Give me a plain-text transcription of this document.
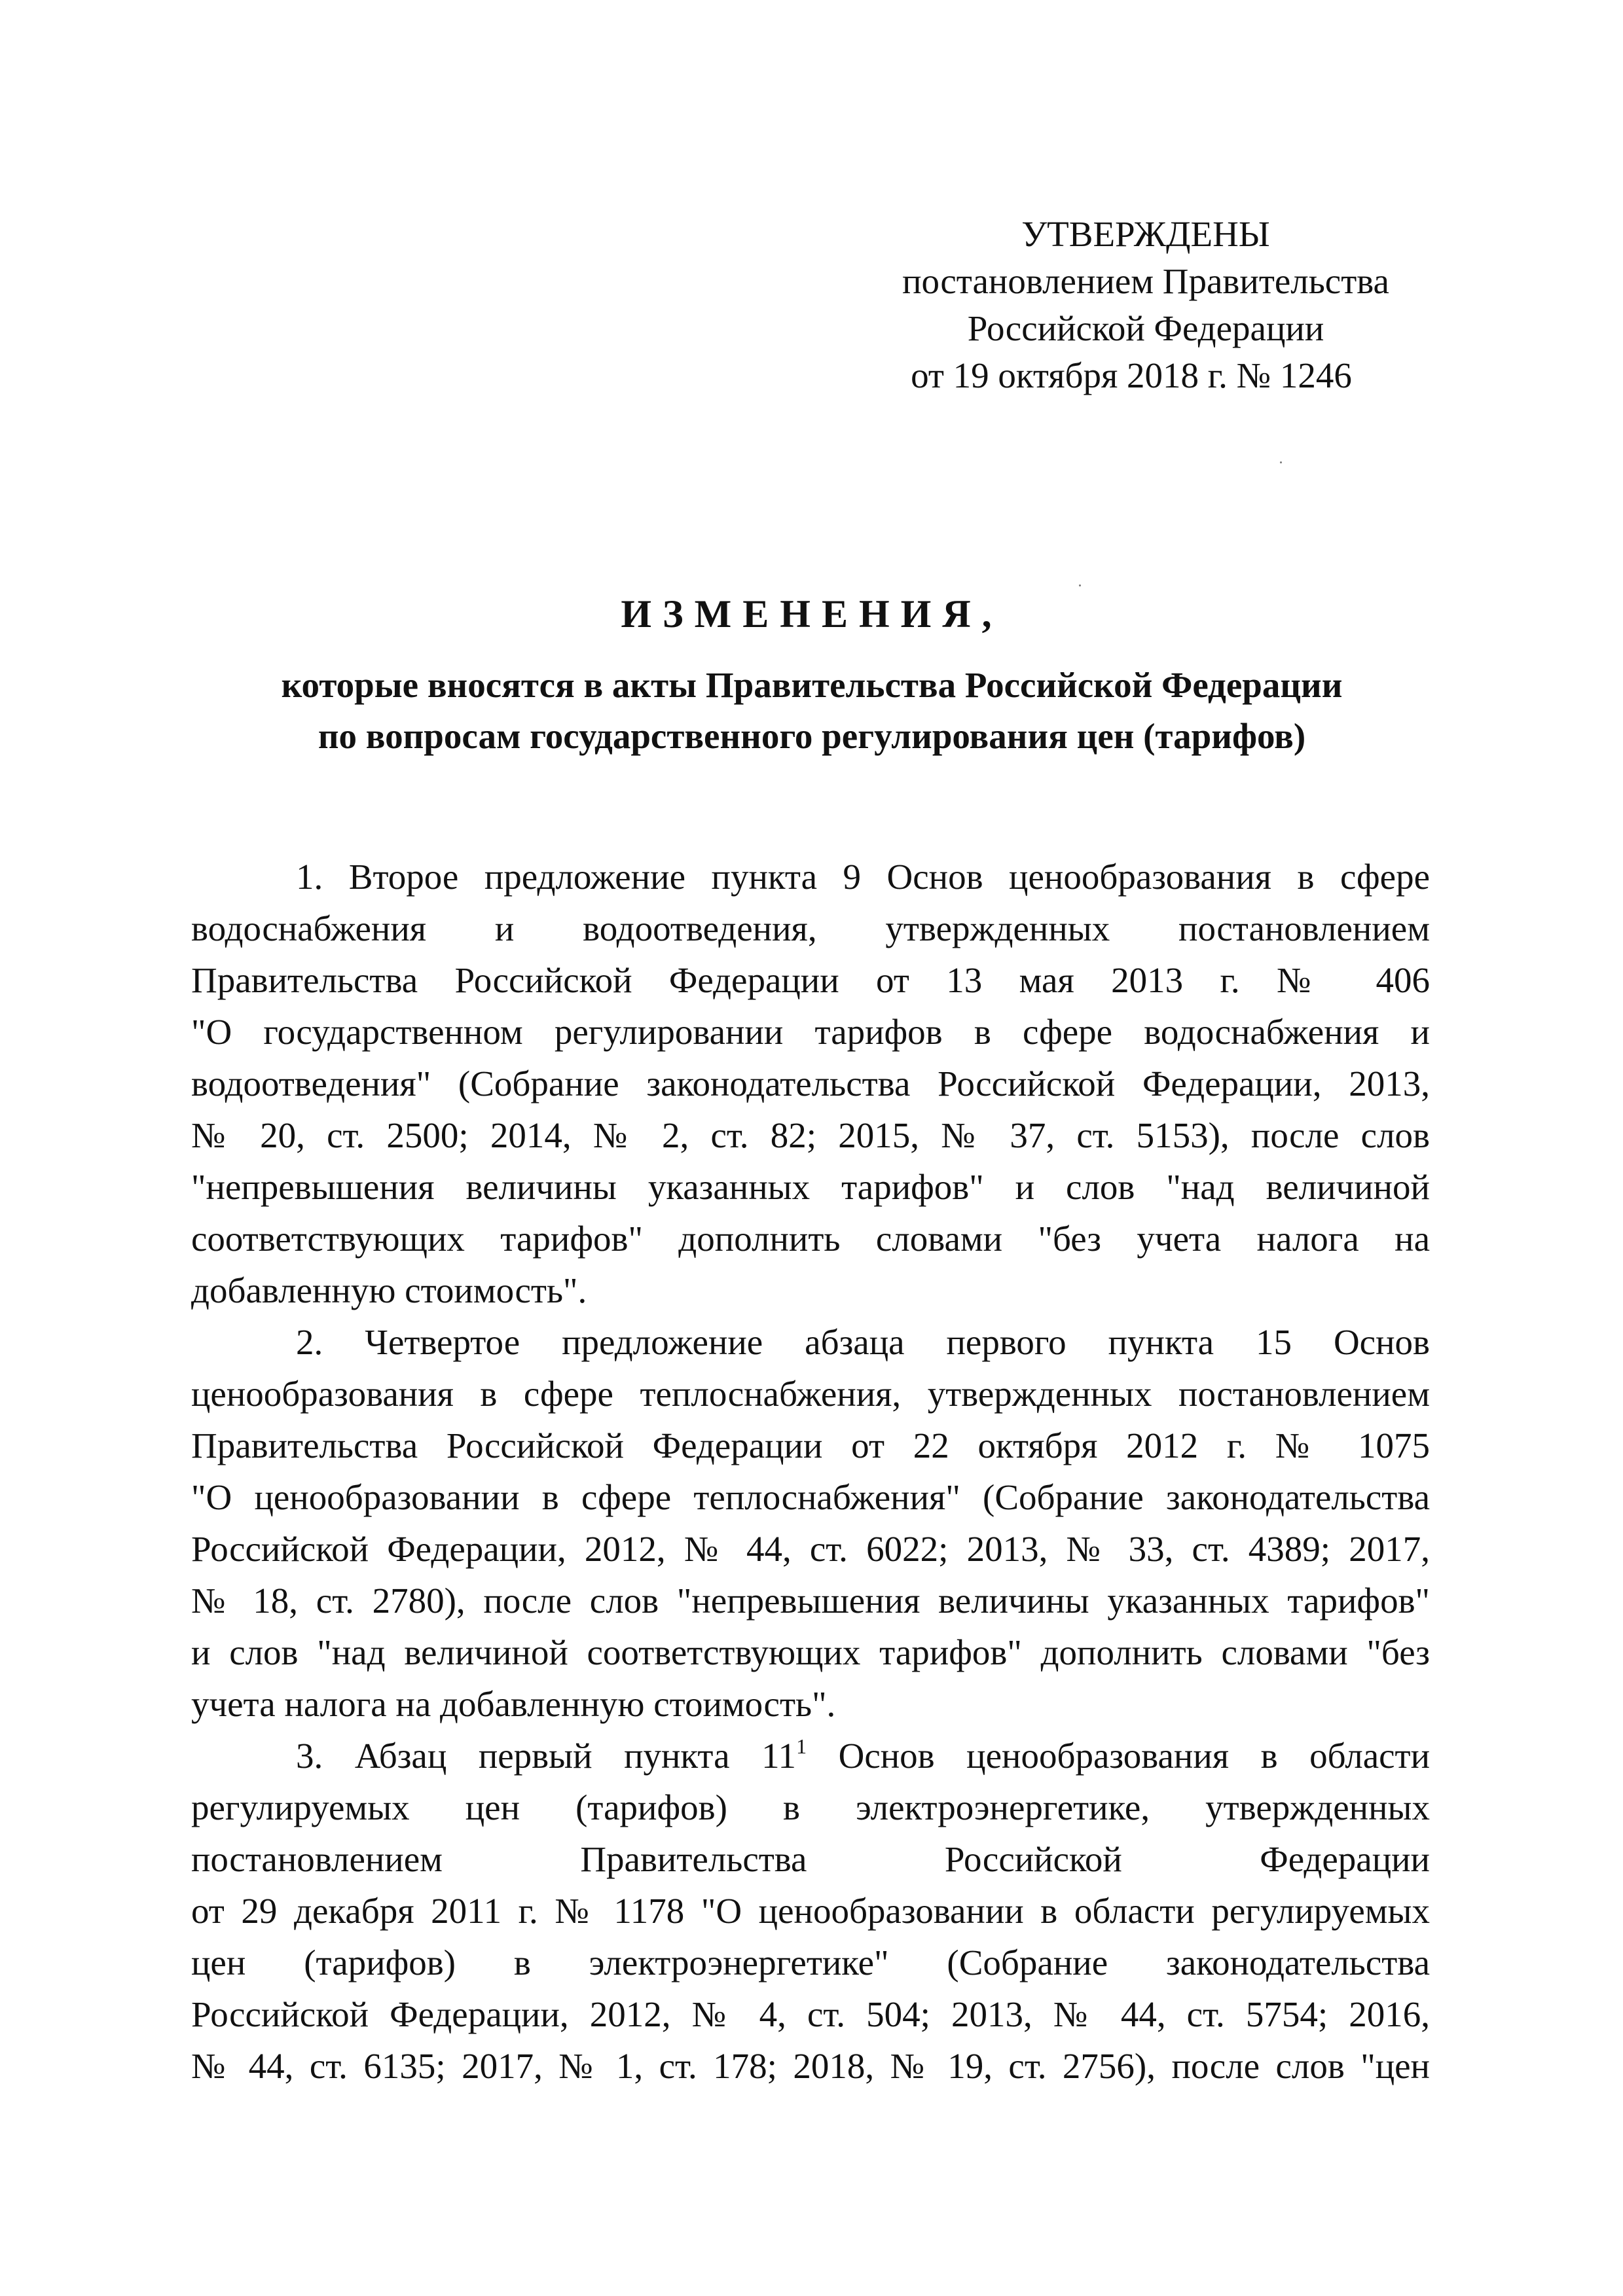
УТВЕРЖДЕНЫ
постановлением Правительства
Российской Федерации
от 19 октября 2018 г. № 1246
ИЗМЕНЕНИЯ,
которые вносятся в акты Правительства Российской Федерации
по вопросам государственного регулирования цен (тарифов)

1. Второе предложение пункта 9 Основ ценообразования в сфере
водоснабжения и водоотведения, утвержденных постановлением
Правительства Российской Федерации от 13 мая 2013 г. № 406
"О государственном регулировании тарифов в сфере водоснабжения и
водоотведения" (Собрание законодательства Российской Федерации, 2013,
№ 20, ст. 2500; 2014, № 2, ст. 82; 2015, № 37, ст. 5153), после слов
"непревышения величины указанных тарифов" и слов "над величиной
соответствующих тарифов" дополнить словами "без учета налога на
добавленную стоимость".

2. Четвертое предложение абзаца первого пункта 15 Основ
ценообразования в сфере теплоснабжения, утвержденных постановлением
Правительства Российской Федерации от 22 октября 2012 г. № 1075
"О ценообразовании в сфере теплоснабжения" (Собрание законодательства
Российской Федерации, 2012, № 44, ст. 6022; 2013, № 33, ст. 4389; 2017,
№ 18, ст. 2780), после слов "непревышения величины указанных тарифов"
и слов "над величиной соответствующих тарифов" дополнить словами "без
учета налога на добавленную стоимость".

3. Абзац первый пункта $11^1$ Основ ценообразования в области
регулируемых цен (тарифов) в электроэнергетике, утвержденных
постановлением Правительства Российской Федерации
от 29 декабря 2011 г. № 1178 "О ценообразовании в области регулируемых
цен (тарифов) в электроэнергетике" (Собрание законодательства
Российской Федерации, 2012, № 4, ст. 504; 2013, № 44, ст. 5754; 2016,
№ 44, ст. 6135; 2017, № 1, ст. 178; 2018, № 19, ст. 2756), после слов "цен
